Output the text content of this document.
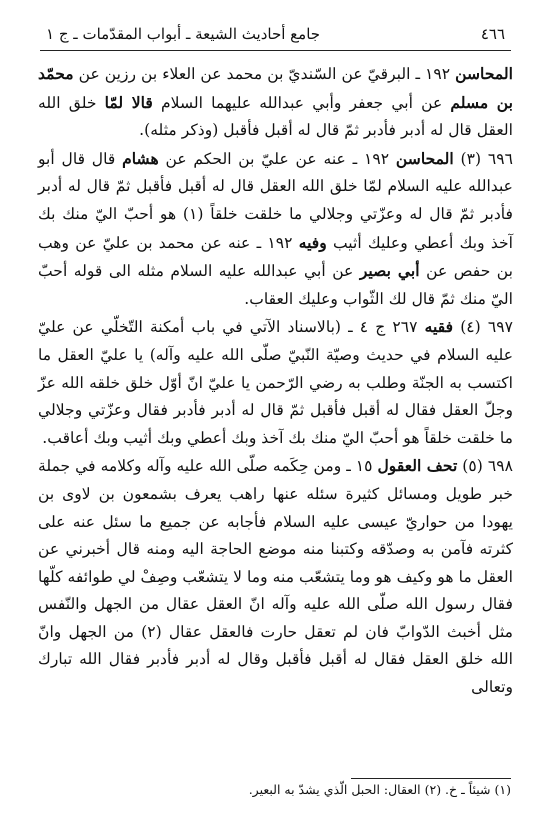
٤٦٦
جامع أحاديث الشيعة ـ أبواب المقدّمات ـ ج ١

المحاسن ١٩٢ ـ البرقيّ عن السّنديّ بن محمد عن العلاء بن رزين عن محمّد بن مسلم عن أبي جعفر وأبي عبدالله عليهما السلام قالا لمّا خلق الله العقل قال له أدبر فأدبر ثمّ قال له أقبل فأقبل (وذكر مثله).

٦٩٦ (٣) المحاسن ١٩٢ ـ عنه عن عليّ بن الحكم عن هشام قال قال أبو عبدالله عليه السلام لمّا خلق الله العقل قال له أقبل فأقبل ثمّ قال له أدبر فأدبر ثمّ قال له وعزّتي وجلالي ما خلقت خلقاً (١) هو أحبّ اليّ منك بك آخذ وبك أعطي وعليك أثيب وفيه ١٩٢ ـ عنه عن محمد بن عليّ عن وهب بن حفص عن أبي بصير عن أبي عبدالله عليه السلام مثله الى قوله أحبّ اليّ منك ثمّ قال لك الثّواب وعليك العقاب.

٦٩٧ (٤) فقيه ٢٦٧ ج ٤ ـ (بالاسناد الآتي في باب أمكنة التّخلّي عن عليّ عليه السلام في حديث وصيّة النّبيّ صلّى الله عليه وآله) يا عليّ العقل ما اكتسب به الجنّة وطلب به رضي الرّحمن يا عليّ انّ أوّل خلق خلقه الله عزّ وجلّ العقل فقال له أقبل فأقبل ثمّ قال له أدبر فأدبر فقال وعزّتي وجلالي ما خلقت خلقاً هو أحبّ اليّ منك بك آخذ وبك أعطي وبك أثيب وبك أعاقب.

٦٩٨ (٥) تحف العقول ١٥ ـ ومن حِكَمه صلّى الله عليه وآله وكلامه في جملة خبر طويل ومسائل كثيرة سئله عنها راهب يعرف بشمعون بن لاوى بن يهودا من حواريّ عيسى عليه السلام فأجابه عن جميع ما سئل عنه على كثرته فآمن به وصدّقه وكتبنا منه موضع الحاجة اليه ومنه قال أخبرني عن العقل ما هو وكيف هو وما يتشعّب منه وما لا يتشعّب وصِفْ لي طوائفه كلّها فقال رسول الله صلّى الله عليه وآله انّ العقل عقال من الجهل والنّفس مثل أخبث الدّوابّ فان لم تعقل حارت فالعقل عقال (٢) من الجهل وانّ الله خلق العقل فقال له أقبل فأقبل وقال له أدبر فأدبر فقال الله تبارك وتعالى

(١) شيئاً ـ خ. (٢) العقال: الحبل الّذي يشدّ به البعير.
